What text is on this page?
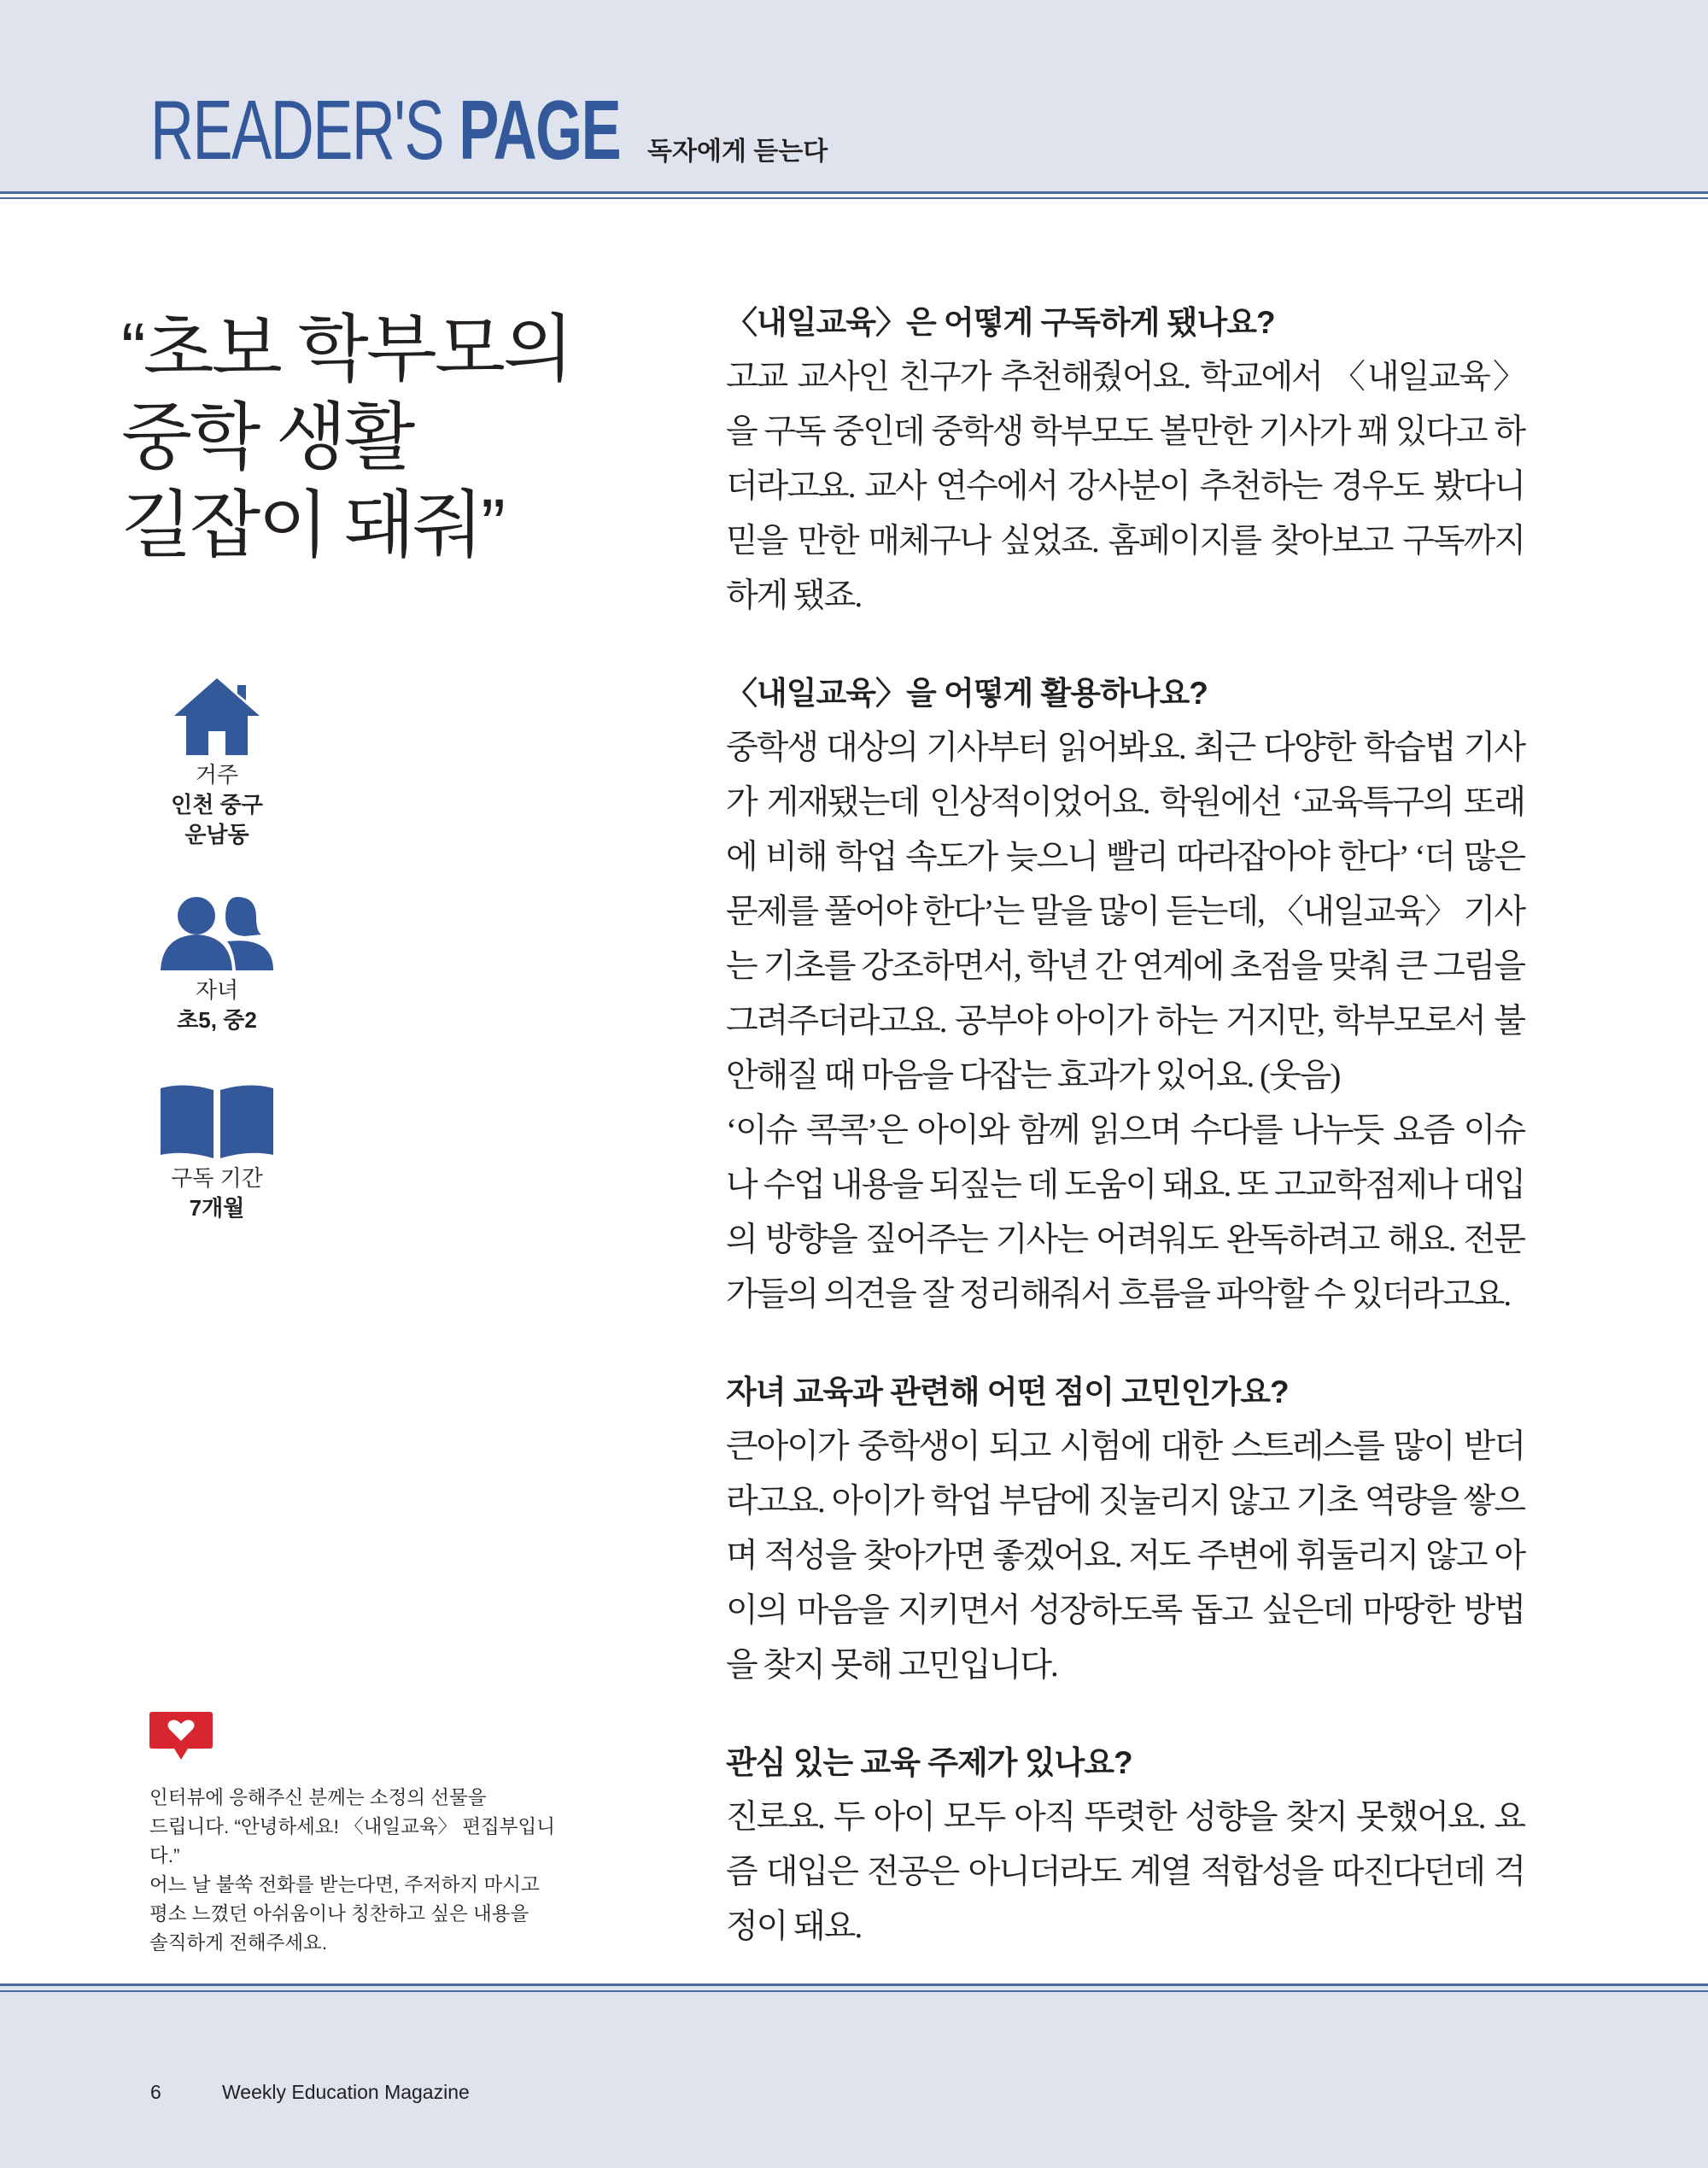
READER'S PAGE 독자에게 듣는다
“초보 학부모의
중학 생활
길잡이 돼줘”
거주
인천 중구
운남동
자녀
초5, 중2
구독 기간
7개월
인터뷰에 응해주신 분께는 소정의 선물을
드립니다. “안녕하세요! 〈내일교육〉 편집부입니다.”
어느 날 불쑥 전화를 받는다면, 주저하지 마시고
평소 느꼈던 아쉬움이나 칭찬하고 싶은 내용을
솔직하게 전해주세요.
〈내일교육〉은 어떻게 구독하게 됐나요?

고교 교사인 친구가 추천해줬어요. 학교에서 〈내일교육〉을 구독 중인데 중학생 학부모도 볼만한 기사가 꽤 있다고 하더라고요. 교사 연수에서 강사분이 추천하는 경우도 봤다니 믿을 만한 매체구나 싶었죠. 홈페이지를 찾아보고 구독까지 하게 됐죠.

〈내일교육〉을 어떻게 활용하나요?

중학생 대상의 기사부터 읽어봐요. 최근 다양한 학습법 기사가 게재됐는데 인상적이었어요. 학원에선 ‘교육특구의 또래에 비해 학업 속도가 늦으니 빨리 따라잡아야 한다’ ‘더 많은 문제를 풀어야 한다’는 말을 많이 듣는데, 〈내일교육〉 기사는 기초를 강조하면서, 학년 간 연계에 초점을 맞춰 큰 그림을 그려주더라고요. 공부야 아이가 하는 거지만, 학부모로서 불안해질 때 마음을 다잡는 효과가 있어요. (웃음)

‘이슈 콕콕’은 아이와 함께 읽으며 수다를 나누듯 요즘 이슈나 수업 내용을 되짚는 데 도움이 돼요. 또 고교학점제나 대입의 방향을 짚어주는 기사는 어려워도 완독하려고 해요. 전문가들의 의견을 잘 정리해줘서 흐름을 파악할 수 있더라고요.

자녀 교육과 관련해 어떤 점이 고민인가요?

큰아이가 중학생이 되고 시험에 대한 스트레스를 많이 받더라고요. 아이가 학업 부담에 짓눌리지 않고 기초 역량을 쌓으며 적성을 찾아가면 좋겠어요. 저도 주변에 휘둘리지 않고 아이의 마음을 지키면서 성장하도록 돕고 싶은데 마땅한 방법을 찾지 못해 고민입니다.

관심 있는 교육 주제가 있나요?

진로요. 두 아이 모두 아직 뚜렷한 성향을 찾지 못했어요. 요즘 대입은 전공은 아니더라도 계열 적합성을 따진다던데 걱정이 돼요.

6	Weekly Education Magazine
